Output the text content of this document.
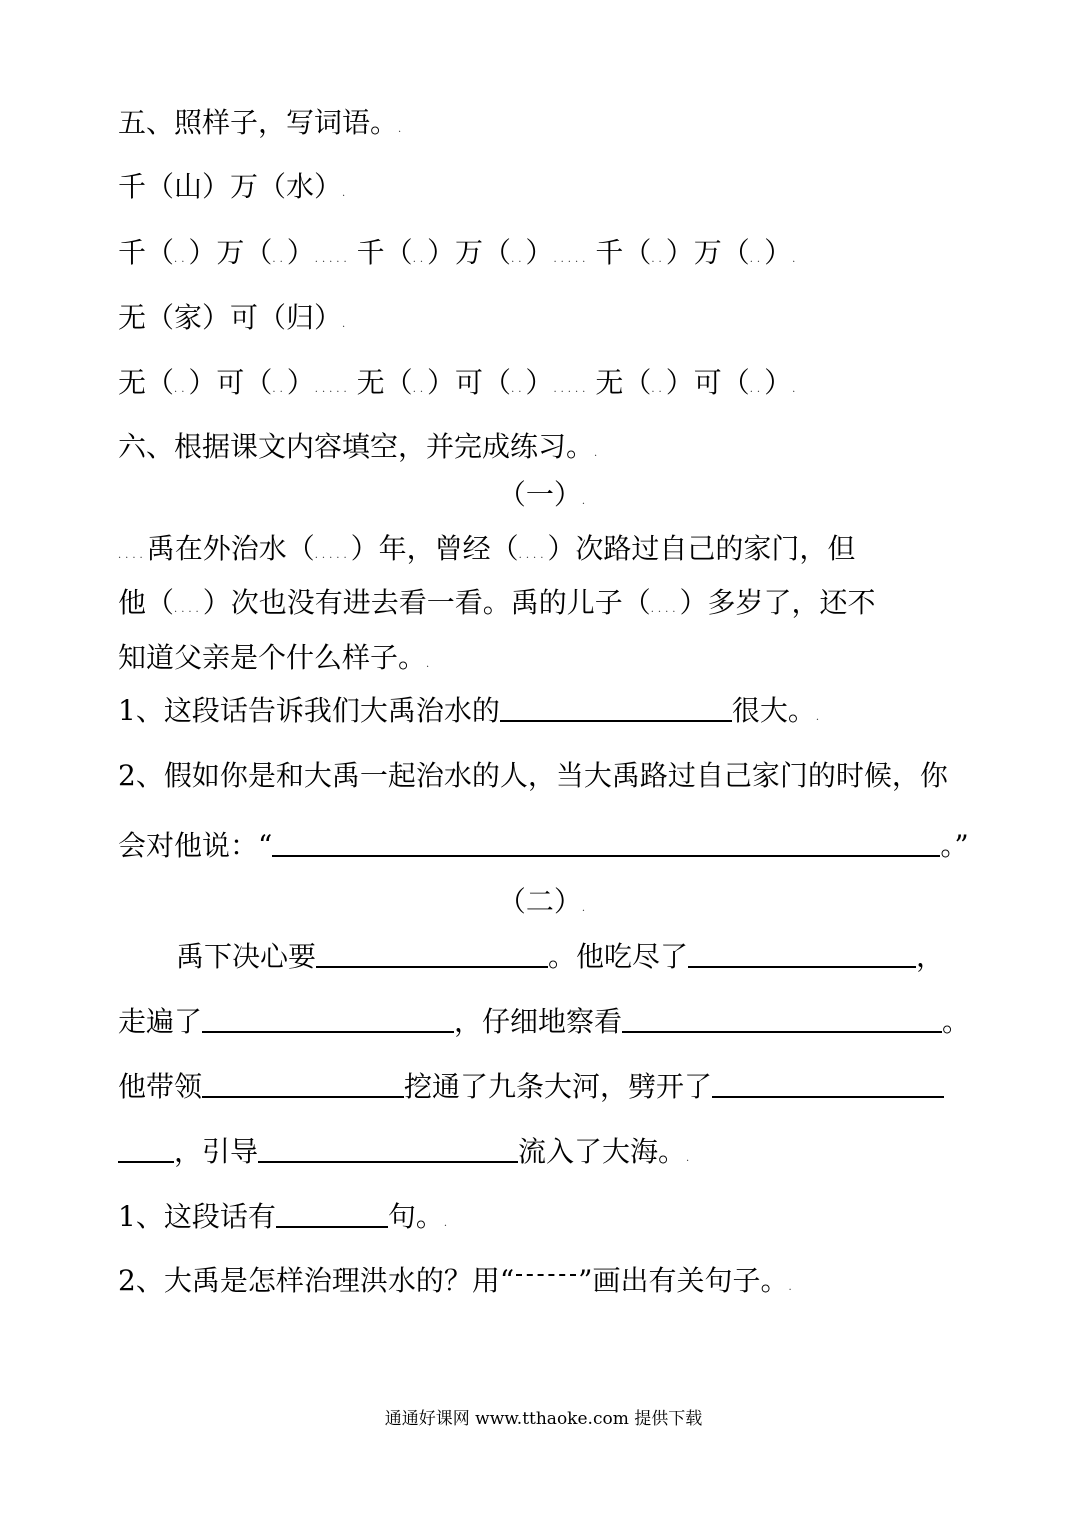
五、照样子，写词语。.
千（山）万（水）.
千（..）万（..）..... 千（..）万（..）..... 千（..）万（..）.
无（家）可（归）.
无（..）可（..）..... 无（..）可（..）..... 无（..）可（..）.
六、根据课文内容填空，并完成练习。.
（一）.
....禹在外治水（.....）年，曾经（....）次路过自己的家门，但
他（....）次也没有进去看一看。禹的儿子（....）多岁了，还不
知道父亲是个什么样子。.
1、这段话告诉我们大禹治水的	很大。.
2、假如你是和大禹一起治水的人，当大禹路过自己家门的时候，你
会对他说：“	。”
（二）.
禹下决心要	。他吃尽了	，
走遍了	，仔细地察看	。
他带领	挖通了九条大河，劈开了
，引导	流入了大海。.
1、这段话有	句。.
2、大禹是怎样治理洪水的？用“ ”画出有关句子。.
通通好课网 www.tthaoke.com 提供下载
